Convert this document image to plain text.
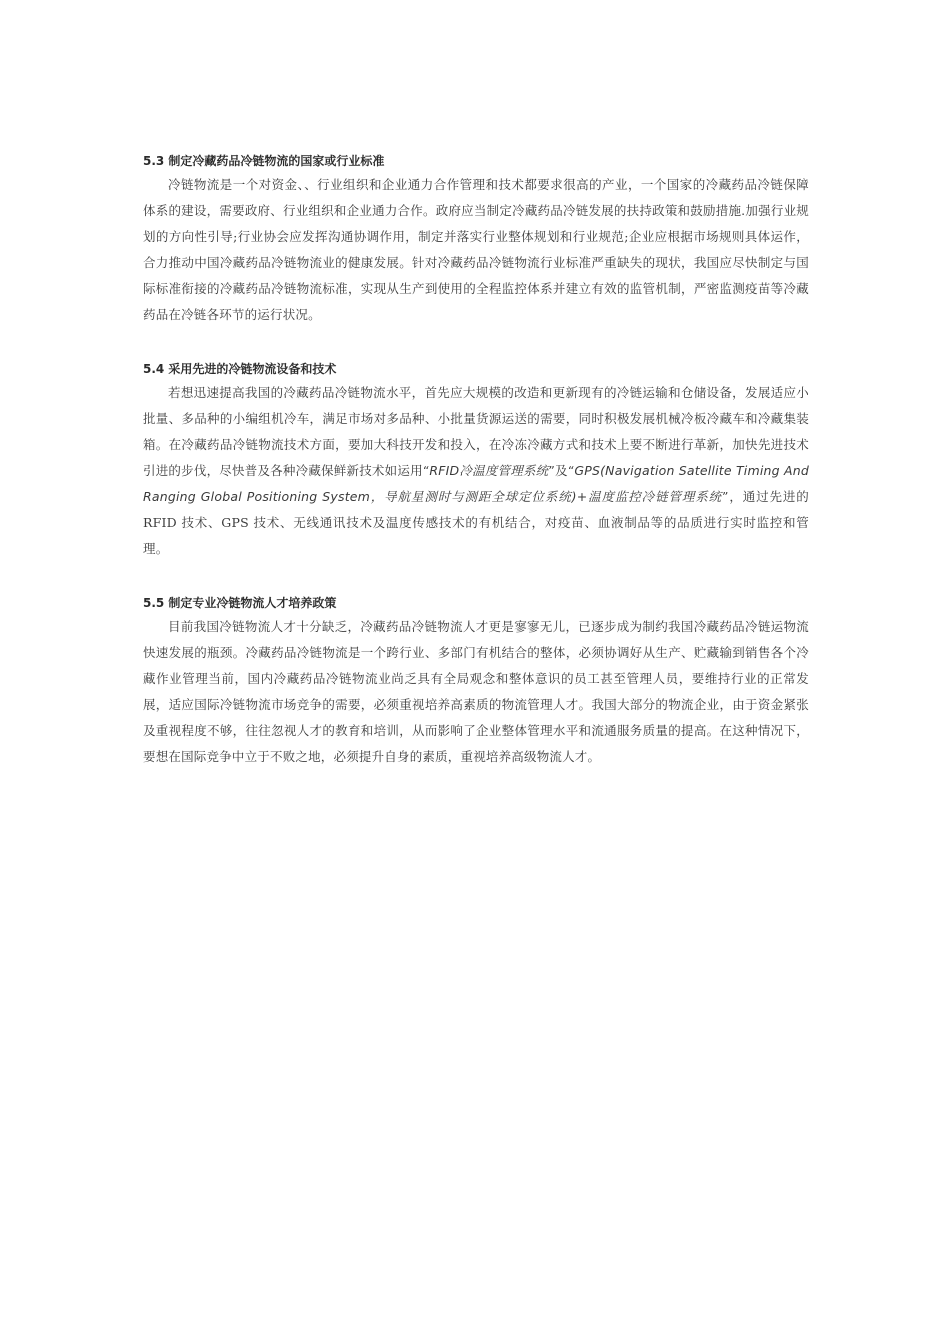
5.3 制定冷藏药品冷链物流的国家或行业标准

冷链物流是一个对资金、、行业组织和企业通力合作管理和技术都要求很高的产业，一个国家的冷藏药品冷链保障体系的建设，需要政府、行业组织和企业通力合作。政府应当制定冷藏药品冷链发展的扶持政策和鼓励措施.加强行业规划的方向性引导;行业协会应发挥沟通协调作用，制定并落实行业整体规划和行业规范;企业应根据市场规则具体运作，合力推动中国冷藏药品冷链物流业的健康发展。针对冷藏药品冷链物流行业标准严重缺失的现状，我国应尽快制定与国际标准衔接的冷藏药品冷链物流标准，实现从生产到使用的全程监控体系并建立有效的监管机制，严密监测疫苗等冷藏药品在冷链各环节的运行状况。

5.4 采用先进的冷链物流设备和技术

若想迅速提高我国的冷藏药品冷链物流水平，首先应大规模的改造和更新现有的冷链运输和仓储设备，发展适应小批量、多品种的小编组机冷车，满足市场对多品种、小批量货源运送的需要，同时积极发展机械冷板冷藏车和冷藏集装箱。在冷藏药品冷链物流技术方面，要加大科技开发和投入，在冷冻冷藏方式和技术上要不断进行革新，加快先进技术引进的步伐，尽快普及各种冷藏保鲜新技术如运用“RFID冷温度管理系统”及“GPS(Navigation Satellite Timing And Ranging Global Positioning System，导航星测时与测距全球定位系统)+温度监控冷链管理系统”，通过先进的 RFID 技术、GPS 技术、无线通讯技术及温度传感技术的有机结合，对疫苗、血液制品等的品质进行实时监控和管理。

5.5 制定专业冷链物流人才培养政策

目前我国冷链物流人才十分缺乏，冷藏药品冷链物流人才更是寥寥无儿，已逐步成为制约我国冷藏药品冷链运物流快速发展的瓶颈。冷藏药品冷链物流是一个跨行业、多部门有机结合的整体，必须协调好从生产、贮藏输到销售各个冷藏作业管理当前，国内冷藏药品冷链物流业尚乏具有全局观念和整体意识的员工甚至管理人员，要维持行业的正常发展，适应国际冷链物流市场竞争的需要，必须重视培养高素质的物流管理人才。我国大部分的物流企业，由于资金紧张及重视程度不够，往往忽视人才的教育和培训，从而影响了企业整体管理水平和流通服务质量的提高。在这种情况下，要想在国际竞争中立于不败之地，必须提升自身的素质，重视培养高级物流人才。
